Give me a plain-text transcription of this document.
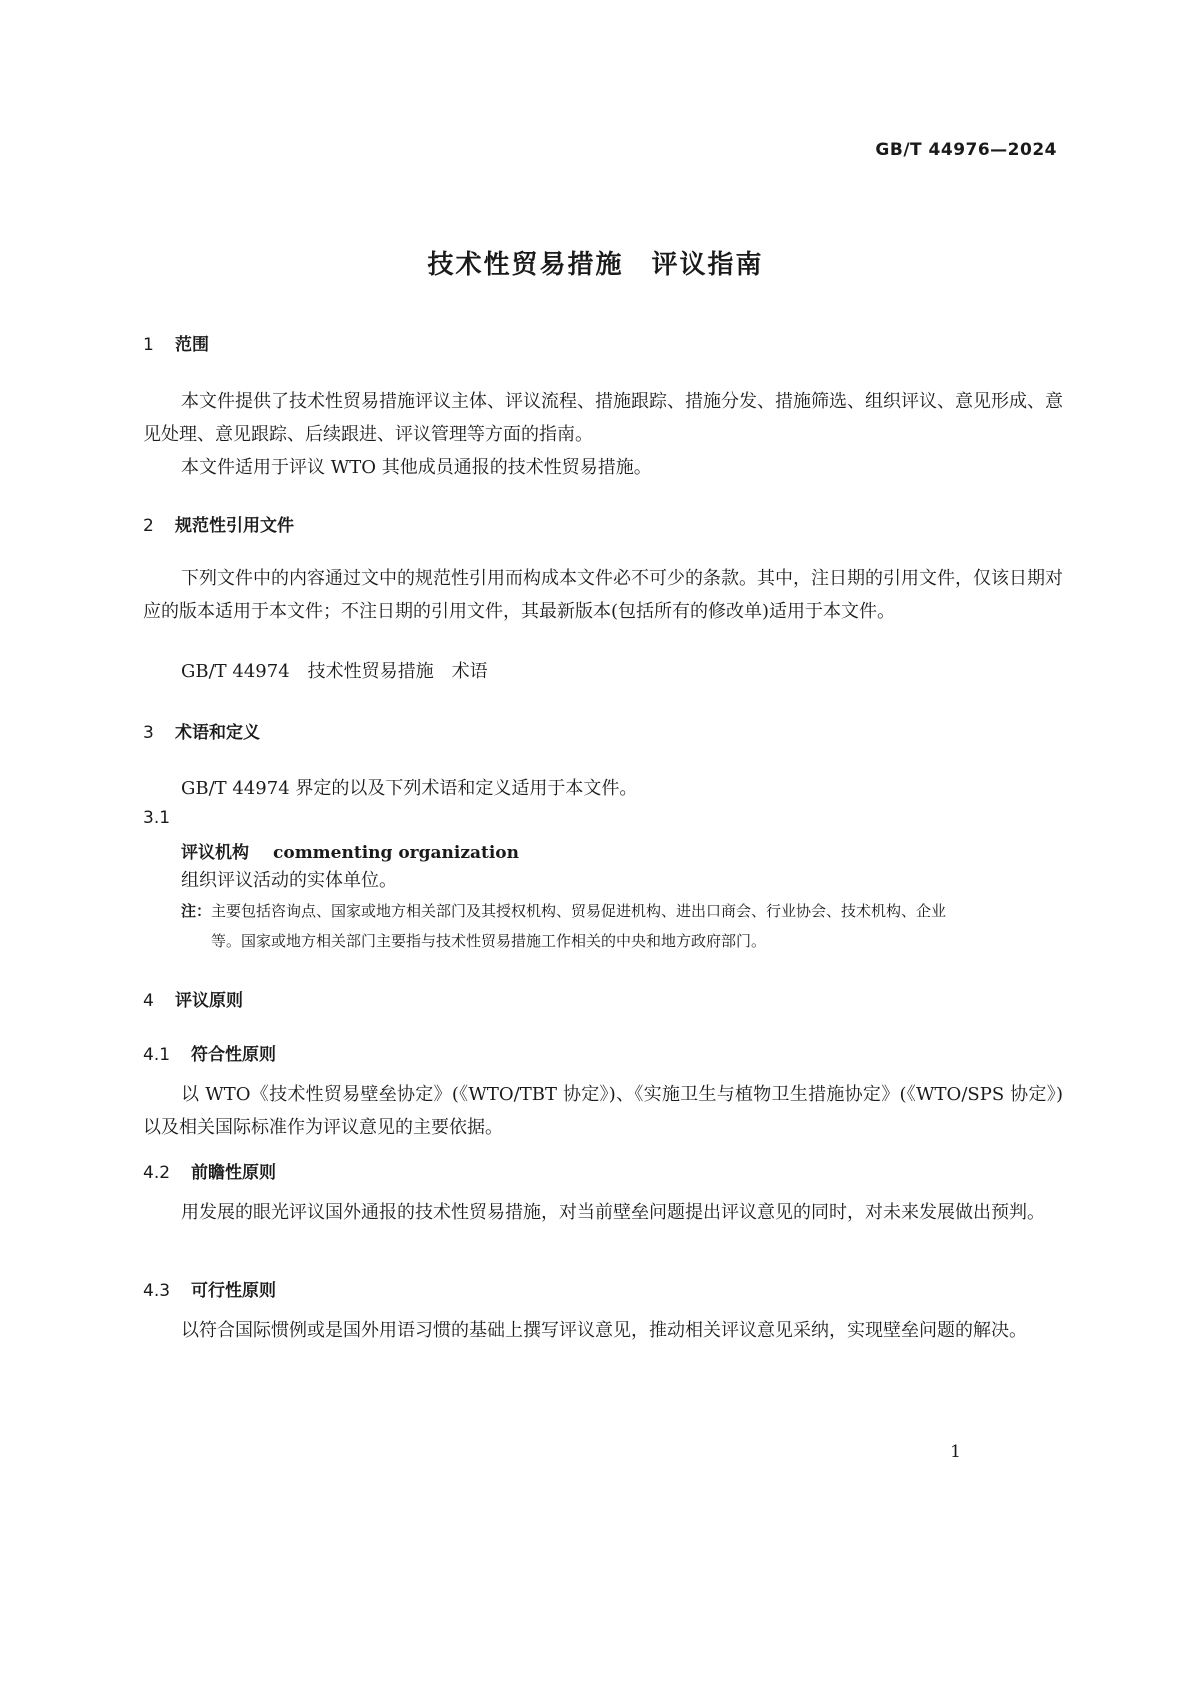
GB/T 44976—2024
技术性贸易措施　评议指南
1 范围
本文件提供了技术性贸易措施评议主体、评议流程、措施跟踪、措施分发、措施筛选、组织评议、意见形成、意见处理、意见跟踪、后续跟进、评议管理等方面的指南。
本文件适用于评议 WTO 其他成员通报的技术性贸易措施。
2 规范性引用文件
下列文件中的内容通过文中的规范性引用而构成本文件必不可少的条款。其中，注日期的引用文件，仅该日期对应的版本适用于本文件；不注日期的引用文件，其最新版本(包括所有的修改单)适用于本文件。
GB/T 44974　技术性贸易措施　术语
3 术语和定义
GB/T 44974 界定的以及下列术语和定义适用于本文件。
3.1
评议机构 commenting organization
组织评议活动的实体单位。
注：主要包括咨询点、国家或地方相关部门及其授权机构、贸易促进机构、进出口商会、行业协会、技术机构、企业
等。国家或地方相关部门主要指与技术性贸易措施工作相关的中央和地方政府部门。
4 评议原则
4.1 符合性原则
以 WTO《技术性贸易壁垒协定》(《WTO/TBT 协定》)、《实施卫生与植物卫生措施协定》(《WTO/SPS 协定》)以及相关国际标准作为评议意见的主要依据。
4.2 前瞻性原则
用发展的眼光评议国外通报的技术性贸易措施，对当前壁垒问题提出评议意见的同时，对未来发展做出预判。
4.3 可行性原则
以符合国际惯例或是国外用语习惯的基础上撰写评议意见，推动相关评议意见采纳，实现壁垒问题的解决。
1
